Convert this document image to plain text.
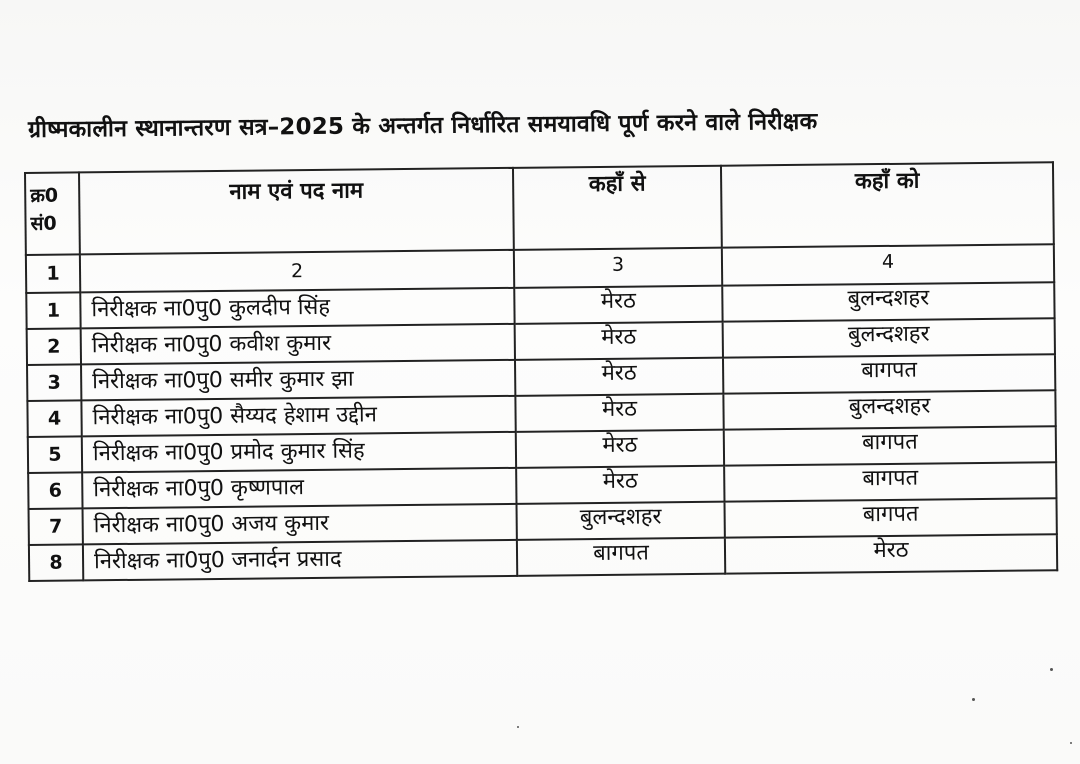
ग्रीष्मकालीन स्थानान्तरण सत्र–2025 के अन्तर्गत निर्धारित समयावधि पूर्ण करने वाले निरीक्षक
क्र0
सं0	नाम एवं पद नाम	कहाँ से	कहाँ को
1	2	3	4
1	निरीक्षक ना0पु0 कुलदीप सिंह	मेरठ	बुलन्दशहर
2	निरीक्षक ना0पु0 कवीश कुमार	मेरठ	बुलन्दशहर
3	निरीक्षक ना0पु0 समीर कुमार झा	मेरठ	बागपत
4	निरीक्षक ना0पु0 सैय्यद हेशाम उद्दीन	मेरठ	बुलन्दशहर
5	निरीक्षक ना0पु0 प्रमोद कुमार सिंह	मेरठ	बागपत
6	निरीक्षक ना0पु0 कृष्णपाल	मेरठ	बागपत
7	निरीक्षक ना0पु0 अजय कुमार	बुलन्दशहर	बागपत
8	निरीक्षक ना0पु0 जनार्दन प्रसाद	बागपत	मेरठ
